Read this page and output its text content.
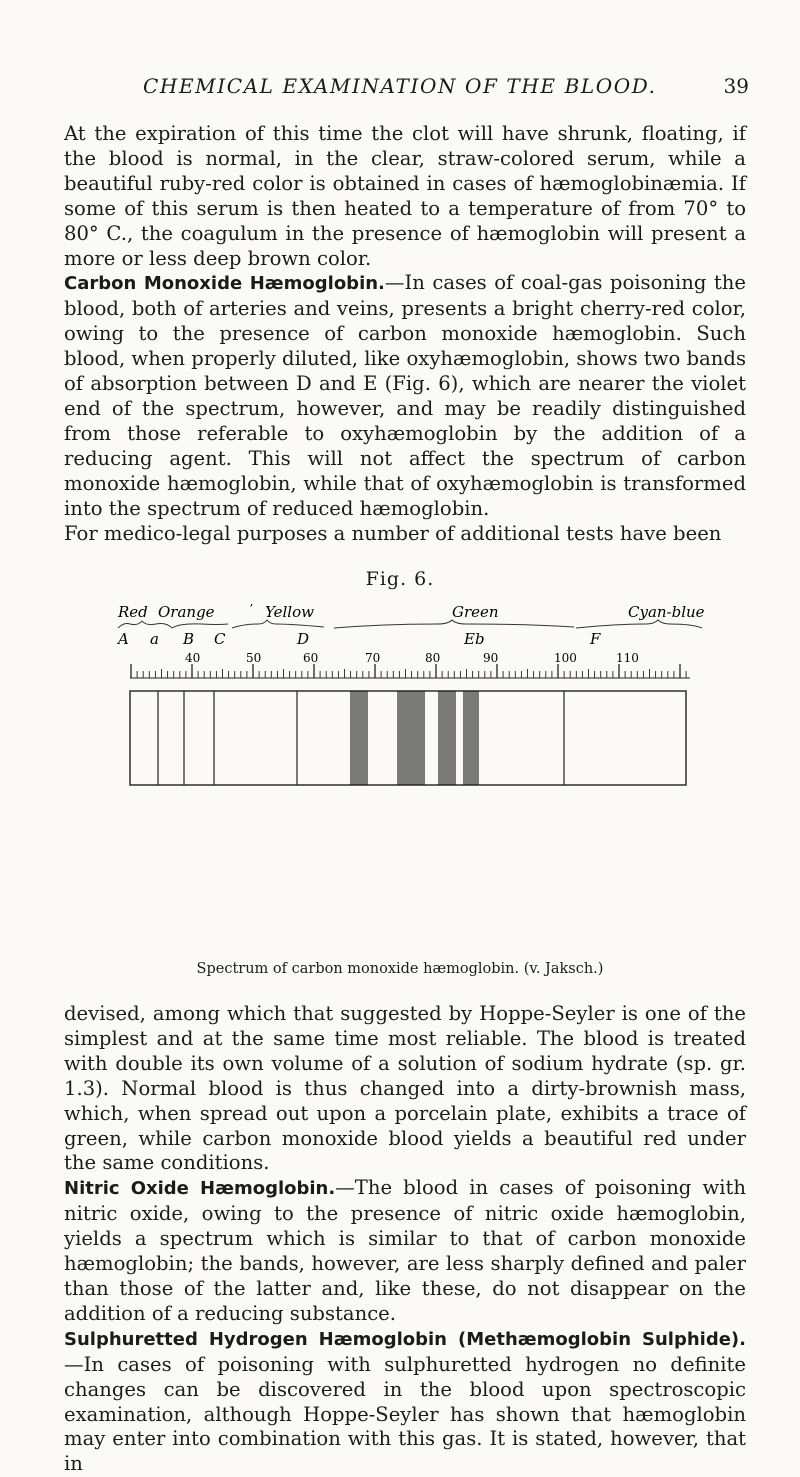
CHEMICAL EXAMINATION OF THE BLOOD.	39

At the expiration of this time the clot will have shrunk, floating, if the blood is normal, in the clear, straw-colored serum, while a beautiful ruby-red color is obtained in cases of hæmoglobinæmia. If some of this serum is then heated to a temperature of from 70° to 80° C., the coagulum in the presence of hæmoglobin will present a more or less deep brown color.

Carbon Monoxide Hæmoglobin.—In cases of coal-gas poisoning the blood, both of arteries and veins, presents a bright cherry-red color, owing to the presence of carbon monoxide hæmoglobin. Such blood, when properly diluted, like oxyhæmoglobin, shows two bands of absorption between D and E (Fig. 6), which are nearer the violet end of the spectrum, however, and may be readily distinguished from those referable to oxyhæmoglobin by the addition of a reducing agent. This will not affect the spectrum of carbon monoxide hæmoglobin, while that of oxyhæmoglobin is transformed into the spectrum of reduced hæmoglobin.

For medico-legal purposes a number of additional tests have been

Fig. 6.
Red Orange	Yellow	Green	Cyan-blue
ʼ
A a B C	D	Eb	F
40	50	60	70	80	90	100	110
Spectrum of carbon monoxide hæmoglobin. (v. Jaksch.)

devised, among which that suggested by Hoppe-Seyler is one of the simplest and at the same time most reliable. The blood is treated with double its own volume of a solution of sodium hydrate (sp. gr. 1.3). Normal blood is thus changed into a dirty-brownish mass, which, when spread out upon a porcelain plate, exhibits a trace of green, while carbon monoxide blood yields a beautiful red under the same conditions.

Nitric Oxide Hæmoglobin.—The blood in cases of poisoning with nitric oxide, owing to the presence of nitric oxide hæmoglobin, yields a spectrum which is similar to that of carbon monoxide hæmoglobin; the bands, however, are less sharply defined and paler than those of the latter and, like these, do not disappear on the addition of a reducing substance.

Sulphuretted Hydrogen Hæmoglobin (Methæmoglobin Sulphide).—In cases of poisoning with sulphuretted hydrogen no definite changes can be discovered in the blood upon spectroscopic examination, although Hoppe-Seyler has shown that hæmoglobin may enter into combination with this gas. It is stated, however, that in
